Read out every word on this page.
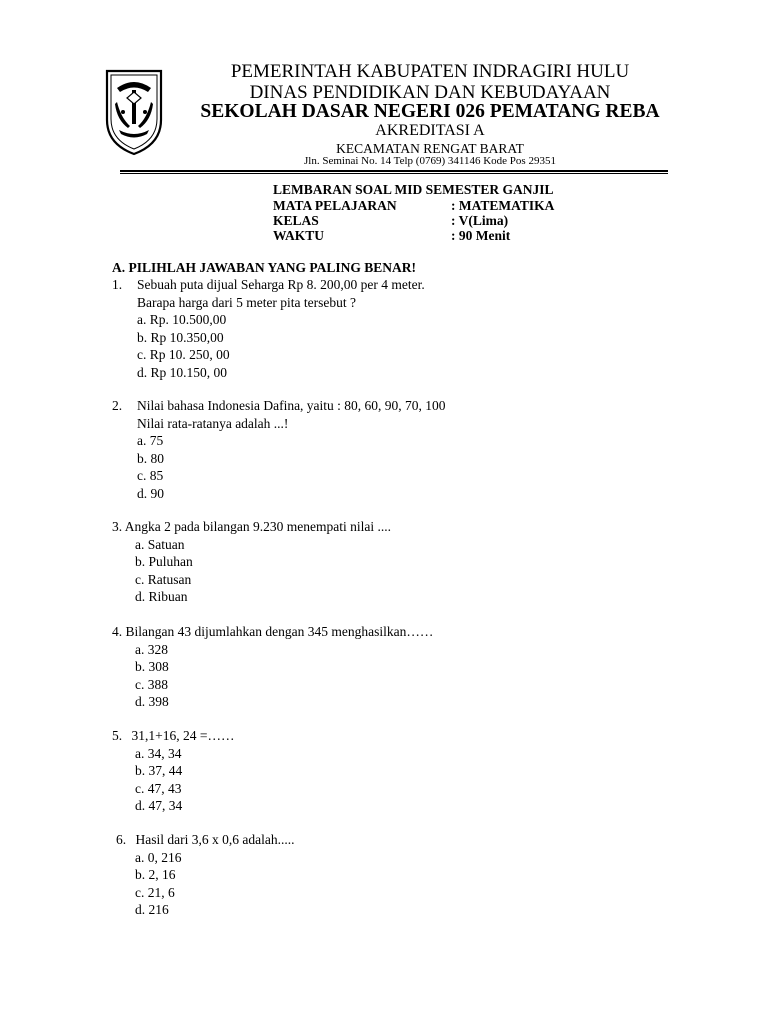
PEMERINTAH KABUPATEN INDRAGIRI HULU
DINAS PENDIDIKAN DAN KEBUDAYAAN
SEKOLAH DASAR NEGERI 026 PEMATANG REBA
AKREDITASI A
KECAMATAN RENGAT BARAT
Jln. Seminai No. 14 Telp (0769) 341146 Kode Pos 29351
LEMBARAN SOAL MID SEMESTER GANJIL
MATA PELAJARAN	: MATEMATIKA
KELAS	: V(Lima)
WAKTU	: 90 Menit
A. PILIHLAH JAWABAN YANG PALING BENAR!
1. Sebuah puta dijual Seharga Rp 8. 200,00 per 4 meter.
Barapa harga dari 5 meter pita tersebut ?
a. Rp. 10.500,00
b. Rp 10.350,00
c. Rp 10. 250, 00
d. Rp 10.150, 00
2. Nilai bahasa Indonesia Dafina, yaitu : 80, 60, 90, 70, 100
Nilai rata-ratanya adalah ...!
a. 75
b. 80
c. 85
d. 90
3. Angka 2 pada bilangan 9.230 menempati nilai ....
a. Satuan
b. Puluhan
c. Ratusan
d. Ribuan
4. Bilangan 43 dijumlahkan dengan 345 menghasilkan……
a. 328
b. 308
c. 388
d. 398
5. 31,1+16, 24 =……
a. 34, 34
b. 37, 44
c. 47, 43
d. 47, 34
6. Hasil dari 3,6 x 0,6 adalah.....
a. 0, 216
b. 2, 16
c. 21, 6
d. 216
